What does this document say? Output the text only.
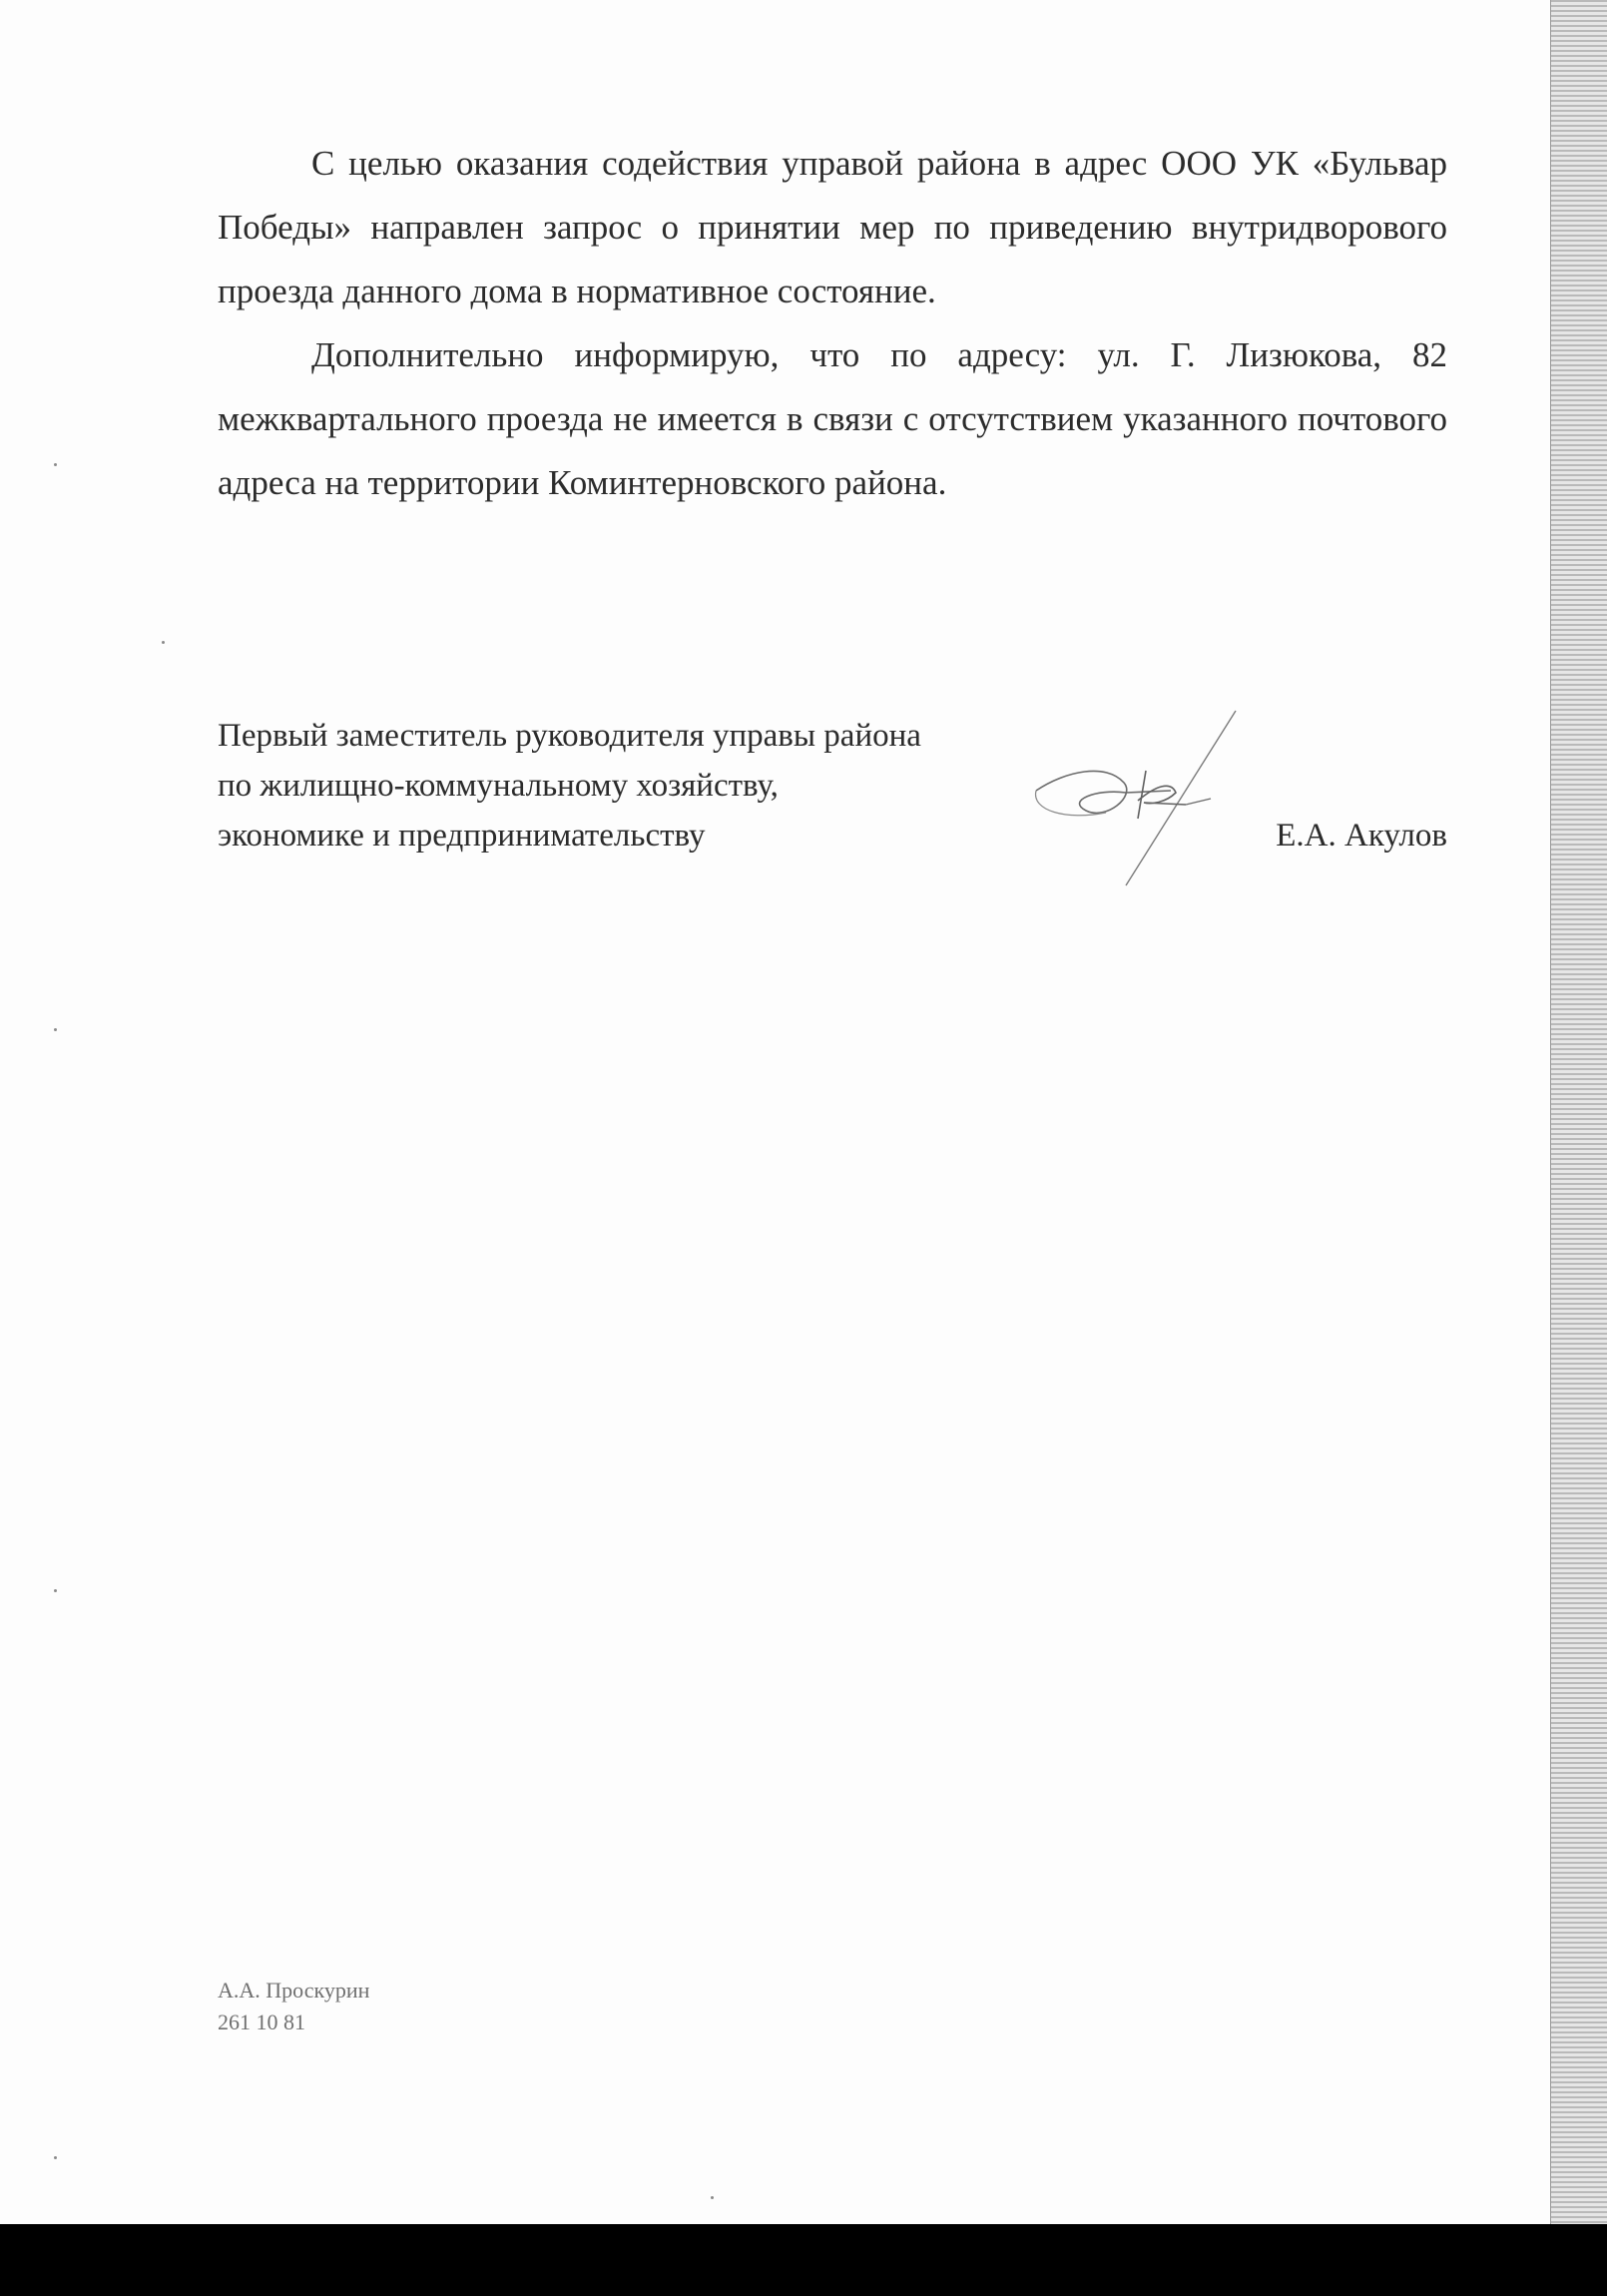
С целью оказания содействия управой района в адрес ООО УК «Бульвар Победы» направлен запрос о принятии мер по приведению внутридворового проезда данного дома в нормативное состояние.

Дополнительно информирую, что по адресу: ул. Г. Лизюкова, 82 межквартального проезда не имеется в связи с отсутствием указанного почтового адреса на территории Коминтерновского района.

Первый заместитель руководителя управы района
по жилищно-коммунальному хозяйству,
экономике и предпринимательству	Е.А. Акулов
А.А. Проскурин
261 10 81
